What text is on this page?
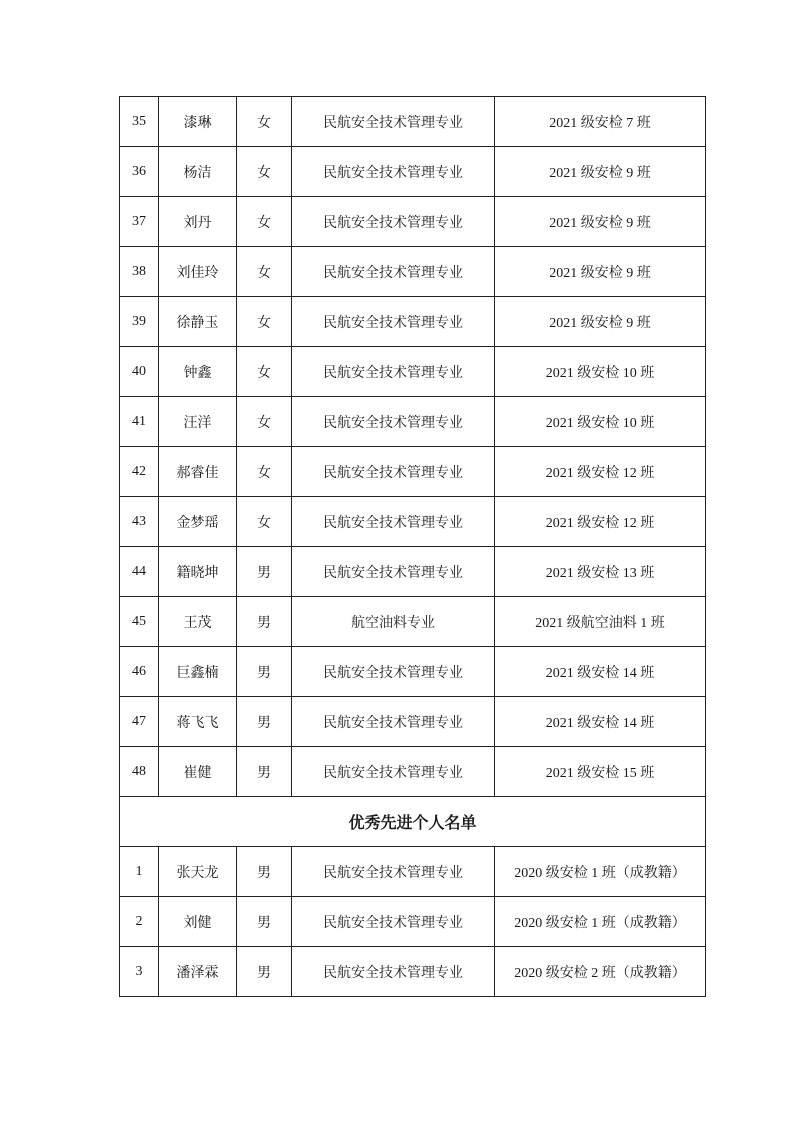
35	漆琳	女	民航安全技术管理专业	2021 级安检 7 班
36	杨洁	女	民航安全技术管理专业	2021 级安检 9 班
37	刘丹	女	民航安全技术管理专业	2021 级安检 9 班
38	刘佳玲	女	民航安全技术管理专业	2021 级安检 9 班
39	徐静玉	女	民航安全技术管理专业	2021 级安检 9 班
40	钟鑫	女	民航安全技术管理专业	2021 级安检 10 班
41	汪洋	女	民航安全技术管理专业	2021 级安检 10 班
42	郝睿佳	女	民航安全技术管理专业	2021 级安检 12 班
43	金梦瑶	女	民航安全技术管理专业	2021 级安检 12 班
44	籍晓坤	男	民航安全技术管理专业	2021 级安检 13 班
45	王茂	男	航空油料专业	2021 级航空油料 1 班
46	巨鑫楠	男	民航安全技术管理专业	2021 级安检 14 班
47	蒋飞飞	男	民航安全技术管理专业	2021 级安检 14 班
48	崔健	男	民航安全技术管理专业	2021 级安检 15 班
优秀先进个人名单				
1	张天龙	男	民航安全技术管理专业	2020 级安检 1 班（成教籍）
2	刘健	男	民航安全技术管理专业	2020 级安检 1 班（成教籍）
3	潘泽霖	男	民航安全技术管理专业	2020 级安检 2 班（成教籍）
